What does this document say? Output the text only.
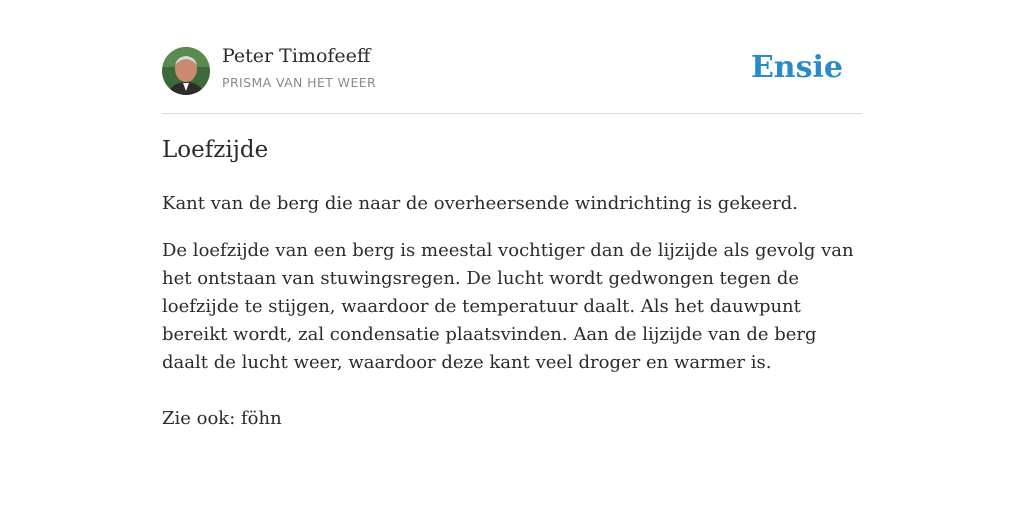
Peter Timofeeff
PRISMA VAN HET WEER	Ensie
Loefzijde

Kant van de berg die naar de overheersende windrichting is gekeerd.

De loefzijde van een berg is meestal vochtiger dan de lijzijde als gevolg van het ontstaan van stuwingsregen. De lucht wordt gedwongen tegen de loefzijde te stijgen, waardoor de temperatuur daalt. Als het dauwpunt bereikt wordt, zal condensatie plaatsvinden. Aan de lijzijde van de berg daalt de lucht weer, waardoor deze kant veel droger en warmer is.

Zie ook: föhn
